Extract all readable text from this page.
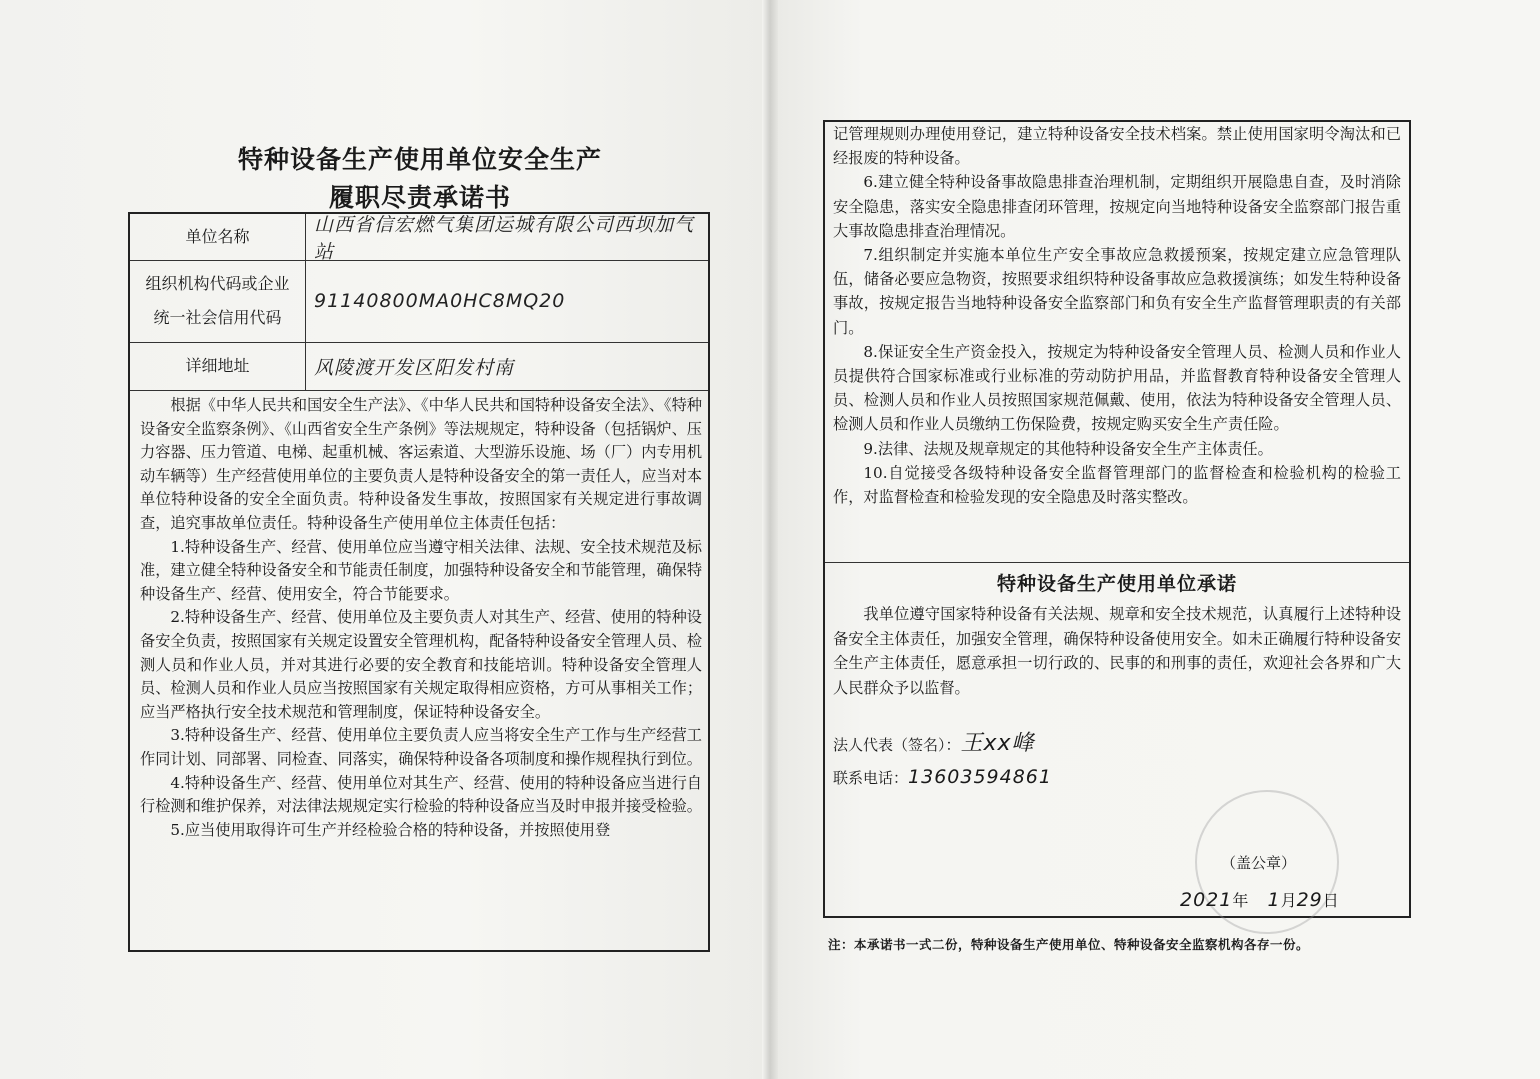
特种设备生产使用单位安全生产
履职尽责承诺书
单位名称
山西省信宏燃气集团运城有限公司西坝加气站
组织机构代码或企业
统一社会信用代码
91140800MA0HC8MQ20
详细地址	风陵渡开发区阳发村南

根据《中华人民共和国安全生产法》、《中华人民共和国特种设备安全法》、《特种设备安全监察条例》、《山西省安全生产条例》等法规规定，特种设备（包括锅炉、压力容器、压力管道、电梯、起重机械、客运索道、大型游乐设施、场（厂）内专用机动车辆等）生产经营使用单位的主要负责人是特种设备安全的第一责任人，应当对本单位特种设备的安全全面负责。特种设备发生事故，按照国家有关规定进行事故调查，追究事故单位责任。特种设备生产使用单位主体责任包括：

1.特种设备生产、经营、使用单位应当遵守相关法律、法规、安全技术规范及标准，建立健全特种设备安全和节能责任制度，加强特种设备安全和节能管理，确保特种设备生产、经营、使用安全，符合节能要求。

2.特种设备生产、经营、使用单位及主要负责人对其生产、经营、使用的特种设备安全负责，按照国家有关规定设置安全管理机构，配备特种设备安全管理人员、检测人员和作业人员，并对其进行必要的安全教育和技能培训。特种设备安全管理人员、检测人员和作业人员应当按照国家有关规定取得相应资格，方可从事相关工作；应当严格执行安全技术规范和管理制度，保证特种设备安全。

3.特种设备生产、经营、使用单位主要负责人应当将安全生产工作与生产经营工作同计划、同部署、同检查、同落实，确保特种设备各项制度和操作规程执行到位。

4.特种设备生产、经营、使用单位对其生产、经营、使用的特种设备应当进行自行检测和维护保养，对法律法规规定实行检验的特种设备应当及时申报并接受检验。

5.应当使用取得许可生产并经检验合格的特种设备，并按照使用登

记管理规则办理使用登记，建立特种设备安全技术档案。禁止使用国家明令淘汰和已经报废的特种设备。

6.建立健全特种设备事故隐患排查治理机制，定期组织开展隐患自查，及时消除安全隐患，落实安全隐患排查闭环管理，按规定向当地特种设备安全监察部门报告重大事故隐患排查治理情况。

7.组织制定并实施本单位生产安全事故应急救援预案，按规定建立应急管理队伍，储备必要应急物资，按照要求组织特种设备事故应急救援演练；如发生特种设备事故，按规定报告当地特种设备安全监察部门和负有安全生产监督管理职责的有关部门。

8.保证安全生产资金投入，按规定为特种设备安全管理人员、检测人员和作业人员提供符合国家标准或行业标准的劳动防护用品，并监督教育特种设备安全管理人员、检测人员和作业人员按照国家规范佩戴、使用，依法为特种设备安全管理人员、检测人员和作业人员缴纳工伤保险费，按规定购买安全生产责任险。

9.法律、法规及规章规定的其他特种设备安全生产主体责任。

10.自觉接受各级特种设备安全监督管理部门的监督检查和检验机构的检验工作，对监督检查和检验发现的安全隐患及时落实整改。

特种设备生产使用单位承诺

我单位遵守国家特种设备有关法规、规章和安全技术规范，认真履行上述特种设备安全主体责任，加强安全管理，确保特种设备使用安全。如未正确履行特种设备安全生产主体责任，愿意承担一切行政的、民事的和刑事的责任，欢迎社会各界和广大人民群众予以监督。

法人代表（签名）：王xx峰
联系电话：13603594861
（盖公章）
2021年 1月29日
注：本承诺书一式二份，特种设备生产使用单位、特种设备安全监察机构各存一份。
